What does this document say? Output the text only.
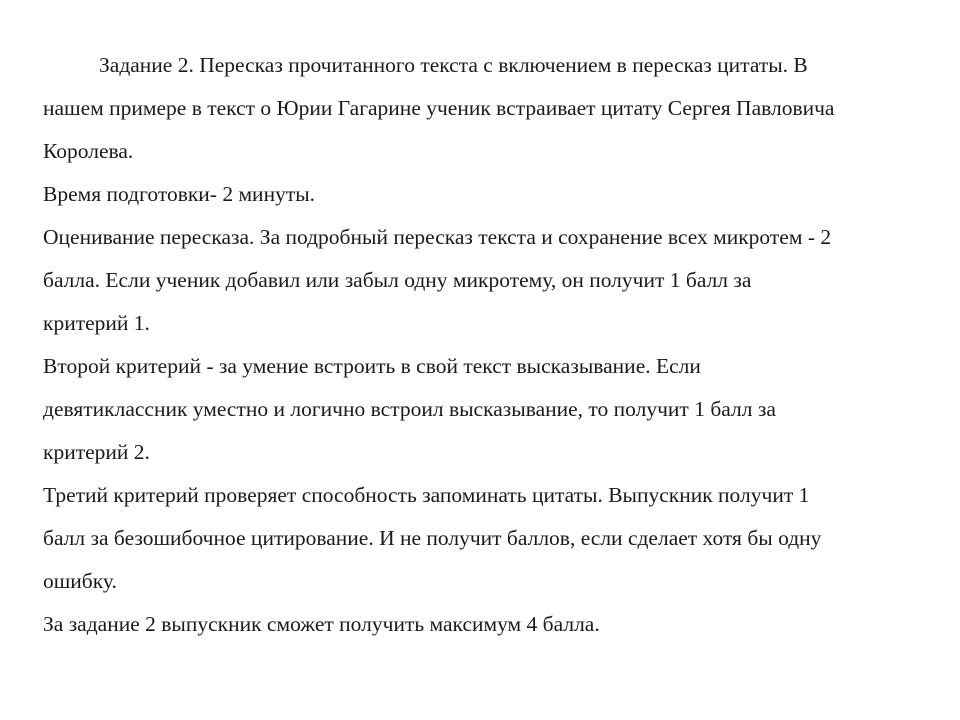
Задание 2. Пересказ прочитанного текста с включением в пересказ цитаты. В
нашем примере в текст о Юрии Гагарине ученик встраивает цитату Сергея Павловича
Королева.
Время подготовки- 2 минуты.
Оценивание пересказа. За подробный пересказ текста и сохранение всех микротем - 2
балла. Если ученик добавил или забыл одну микротему, он получит 1 балл за
критерий 1.
Второй критерий - за умение встроить в свой текст высказывание. Если
девятиклассник уместно и логично встроил высказывание, то получит 1 балл за
критерий 2.
Третий критерий проверяет способность запоминать цитаты. Выпускник получит 1
балл за безошибочное цитирование. И не получит баллов, если сделает хотя бы одну
ошибку.
За задание 2 выпускник сможет получить максимум 4 балла.
